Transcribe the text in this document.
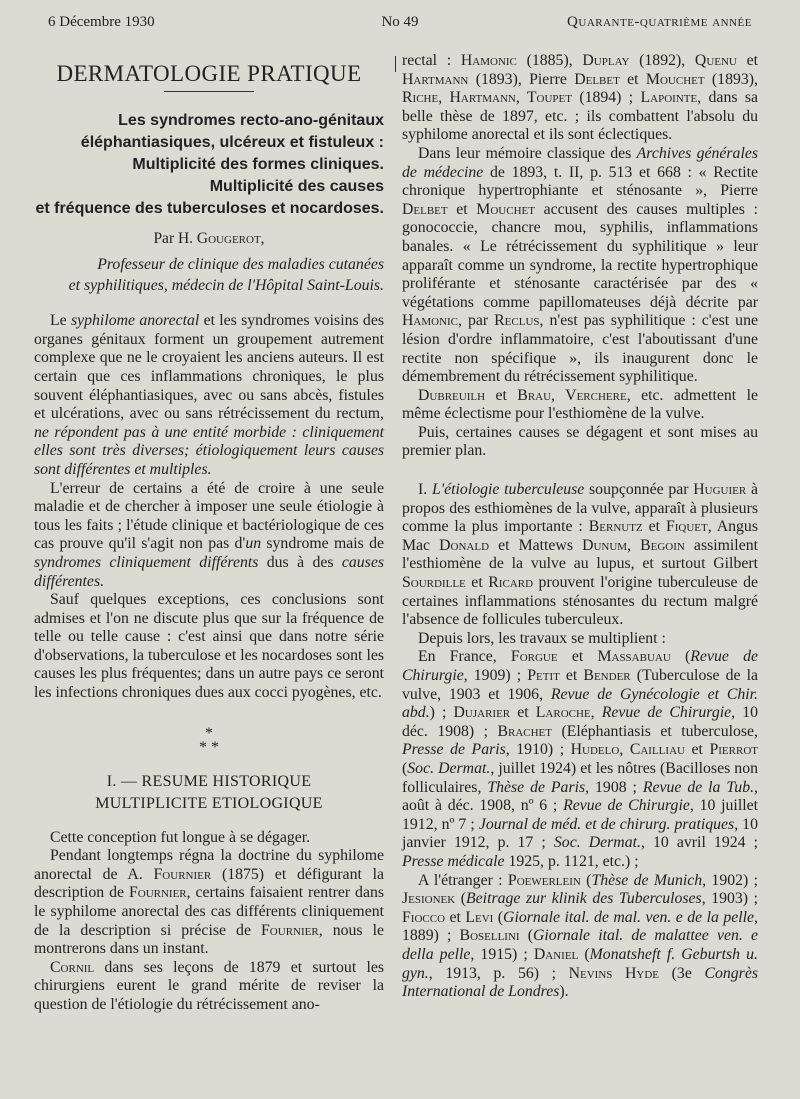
6 Décembre 1930	No 49	Quarante-quatrième année
DERMATOLOGIE PRATIQUE
Les syndromes recto-ano-génitaux
éléphantiasiques, ulcéreux et fistuleux :
Multiplicité des formes cliniques.
Multiplicité des causes
et fréquence des tuberculoses et nocardoses.
Par H. Gougerot,
Professeur de clinique des maladies cutanées
et syphilitiques, médecin de l'Hôpital Saint-Louis.

Le syphilome anorectal et les syndromes voisins des organes génitaux forment un groupement autrement complexe que ne le croyaient les anciens auteurs. Il est certain que ces inflammations chroniques, le plus souvent éléphantiasiques, avec ou sans abcès, fistules et ulcérations, avec ou sans rétrécissement du rectum, ne répondent pas à une entité morbide : cliniquement elles sont très diverses; étiologiquement leurs causes sont différentes et multiples.

L'erreur de certains a été de croire à une seule maladie et de chercher à imposer une seule étiologie à tous les faits ; l'étude clinique et bactériologique de ces cas prouve qu'il s'agit non pas d'un syndrome mais de syndromes cliniquement différents dus à des causes différentes.

Sauf quelques exceptions, ces conclusions sont admises et l'on ne discute plus que sur la fréquence de telle ou telle cause : c'est ainsi que dans notre série d'observations, la tuberculose et les nocardoses sont les causes les plus fréquentes; dans un autre pays ce seront les infections chroniques dues aux cocci pyogènes, etc.

*
* *
I. — RESUME HISTORIQUE
MULTIPLICITE ETIOLOGIQUE

Cette conception fut longue à se dégager.

Pendant longtemps régna la doctrine du syphilome anorectal de A. Fournier (1875) et défigurant la description de Fournier, certains faisaient rentrer dans le syphilome anorectal des cas différents cliniquement de la description si précise de Fournier, nous le montrerons dans un instant.

Cornil dans ses leçons de 1879 et surtout les chirurgiens eurent le grand mérite de reviser la question de l'étiologie du rétrécissement ano-

rectal : Hamonic (1885), Duplay (1892), Quenu et Hartmann (1893), Pierre Delbet et Mouchet (1893), Riche, Hartmann, Toupet (1894) ; Lapointe, dans sa belle thèse de 1897, etc. ; ils combattent l'absolu du syphilome anorectal et ils sont éclectiques.

Dans leur mémoire classique des Archives générales de médecine de 1893, t. II, p. 513 et 668 : « Rectite chronique hypertrophiante et sténosante », Pierre Delbet et Mouchet accusent des causes multiples : gonococcie, chancre mou, syphilis, inflammations banales. « Le rétrécissement du syphilitique » leur apparaît comme un syndrome, la rectite hypertrophique proliférante et sténosante caractérisée par des « végétations comme papillomateuses déjà décrite par Hamonic, par Reclus, n'est pas syphilitique : c'est une lésion d'ordre inflammatoire, c'est l'aboutissant d'une rectite non spécifique », ils inaugurent donc le démembrement du rétrécissement syphilitique.

Dubreuilh et Brau, Verchere, etc. admettent le même éclectisme pour l'esthiomène de la vulve.

Puis, certaines causes se dégagent et sont mises au premier plan.

I. L'étiologie tuberculeuse soupçonnée par Huguier à propos des esthiomènes de la vulve, apparaît à plusieurs comme la plus importante : Bernutz et Fiquet, Angus Mac Donald et Mattews Dunum, Begoin assimilent l'esthiomène de la vulve au lupus, et surtout Gilbert Sourdille et Ricard prouvent l'origine tuberculeuse de certaines inflammations sténosantes du rectum malgré l'absence de follicules tuberculeux.

Depuis lors, les travaux se multiplient :

En France, Forgue et Massabuau (Revue de Chirurgie, 1909) ; Petit et Bender (Tuberculose de la vulve, 1903 et 1906, Revue de Gynécologie et Chir. abd.) ; Dujarier et Laroche, Revue de Chirurgie, 10 déc. 1908) ; Brachet (Eléphantiasis et tuberculose, Presse de Paris, 1910) ; Hudelo, Cailliau et Pierrot (Soc. Dermat., juillet 1924) et les nôtres (Bacilloses non folliculaires, Thèse de Paris, 1908 ; Revue de la Tub., août à déc. 1908, nº 6 ; Revue de Chirurgie, 10 juillet 1912, nº 7 ; Journal de méd. et de chirurg. pratiques, 10 janvier 1912, p. 17 ; Soc. Dermat., 10 avril 1924 ; Presse médicale 1925, p. 1121, etc.) ;

A l'étranger : Poewerlein (Thèse de Munich, 1902) ; Jesionek (Beitrage zur klinik des Tuberculoses, 1903) ; Fiocco et Levi (Giornale ital. de mal. ven. e de la pelle, 1889) ; Bosellini (Giornale ital. de malattee ven. e della pelle, 1915) ; Daniel (Monatsheft f. Geburtsh u. gyn., 1913, p. 56) ; Nevins Hyde (3e Congrès International de Londres).
